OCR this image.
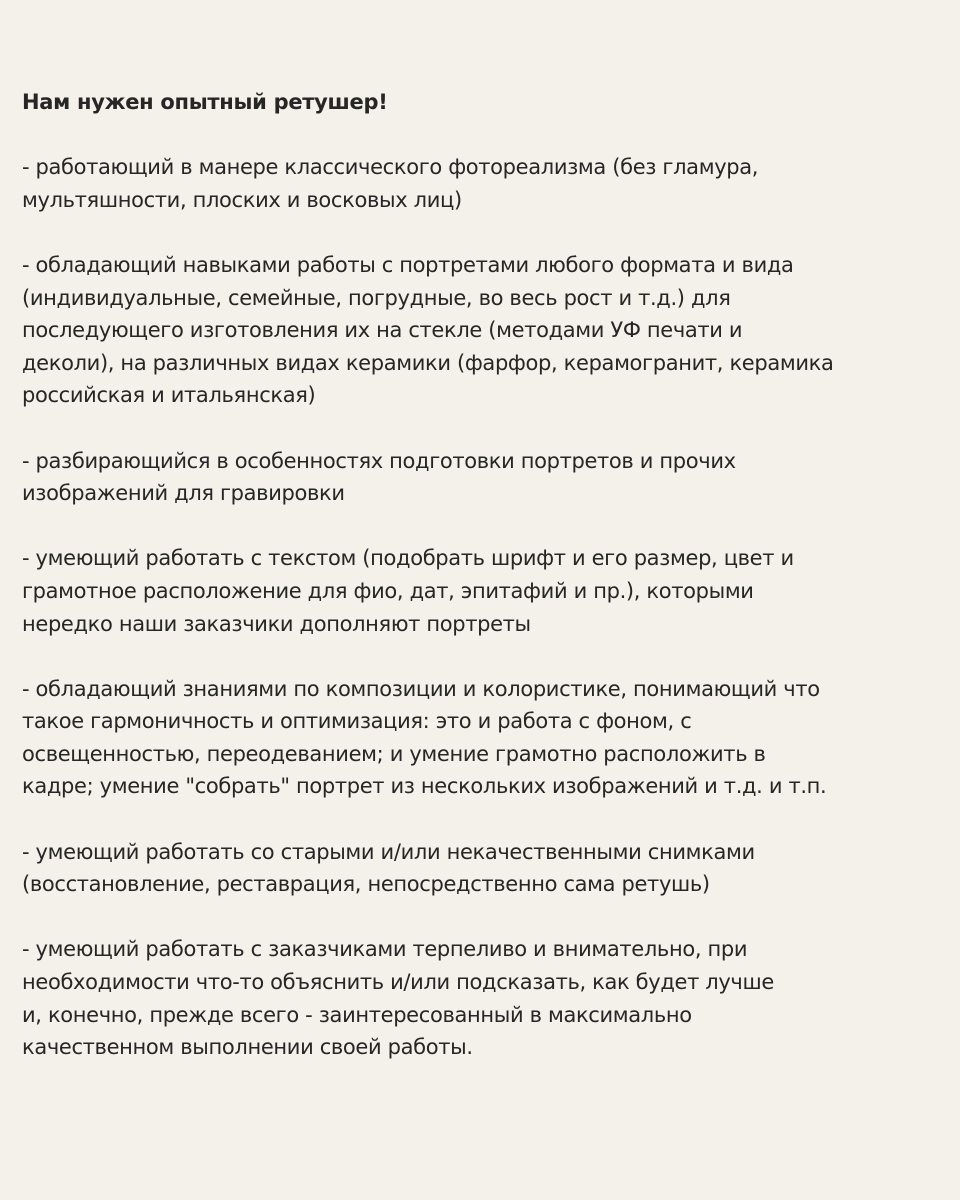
Нам нужен опытный ретушер!

- работающий в манере классического фотореализма (без гламура,
мультяшности, плоских и восковых лиц)

- обладающий навыками работы с портретами любого формата и вида
(индивидуальные, семейные, погрудные, во весь рост и т.д.) для
последующего изготовления их на стекле (методами УФ печати и
деколи), на различных видах керамики (фарфор, керамогранит, керамика
российская и итальянская)

- разбирающийся в особенностях подготовки портретов и прочих
изображений для гравировки

- умеющий работать с текстом (подобрать шрифт и его размер, цвет и
грамотное расположение для фио, дат, эпитафий и пр.), которыми
нередко наши заказчики дополняют портреты

- обладающий знаниями по композиции и колористике, понимающий что
такое гармоничность и оптимизация: это и работа с фоном, с
освещенностью, переодеванием; и умение грамотно расположить в
кадре; умение "собрать" портрет из нескольких изображений и т.д. и т.п.

- умеющий работать со старыми и/или некачественными снимками
(восстановление, реставрация, непосредственно сама ретушь)

- умеющий работать с заказчиками терпеливо и внимательно, при
необходимости что-то объяснить и/или подсказать, как будет лучше
и, конечно, прежде всего - заинтересованный в максимально
качественном выполнении своей работы.
